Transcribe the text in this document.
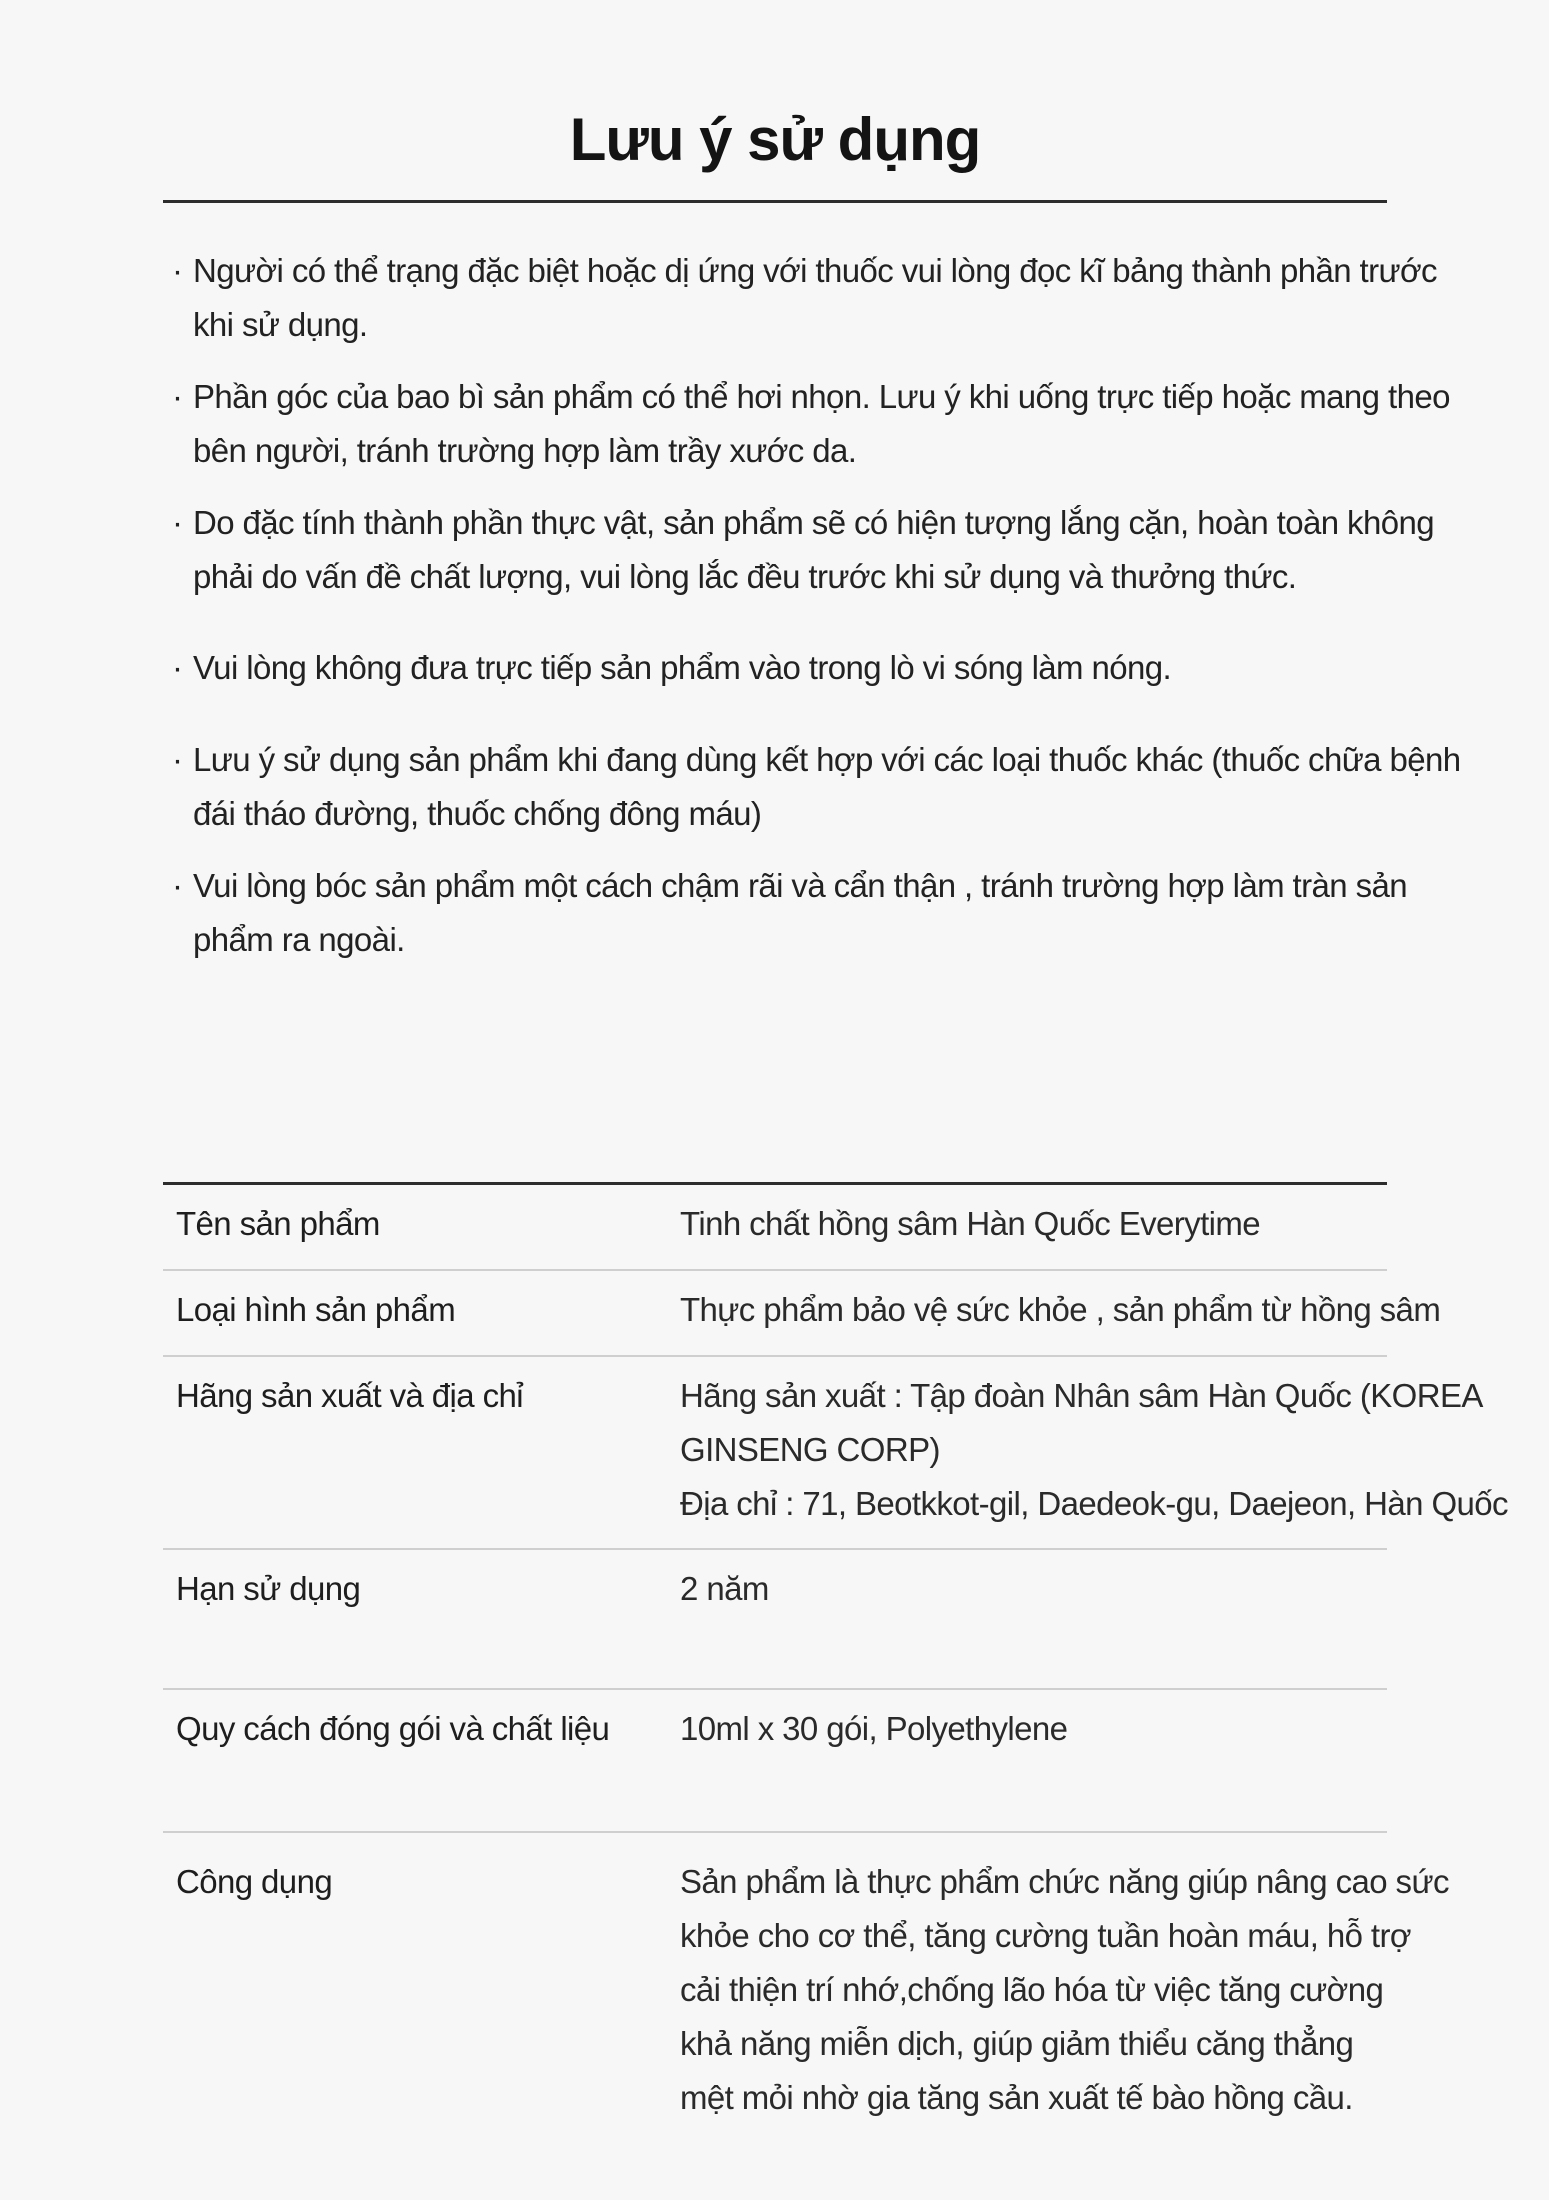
Lưu ý sử dụng
· Người có thể trạng đặc biệt hoặc dị ứng với thuốc vui lòng đọc kĩ bảng thành phần trước
khi sử dụng.
· Phần góc của bao bì sản phẩm có thể hơi nhọn. Lưu ý khi uống trực tiếp hoặc mang theo
bên người, tránh trường hợp làm trầy xước da.
· Do đặc tính thành phần thực vật, sản phẩm sẽ có hiện tượng lắng cặn, hoàn toàn không
phải do vấn đề chất lượng, vui lòng lắc đều trước khi sử dụng và thưởng thức.
· Vui lòng không đưa trực tiếp sản phẩm vào trong lò vi sóng làm nóng.
· Lưu ý sử dụng sản phẩm khi đang dùng kết hợp với các loại thuốc khác (thuốc chữa bệnh
đái tháo đường, thuốc chống đông máu)
· Vui lòng bóc sản phẩm một cách chậm rãi và cẩn thận , tránh trường hợp làm tràn sản
phẩm ra ngoài.
Tên sản phẩm	Tinh chất hồng sâm Hàn Quốc Everytime
Loại hình sản phẩm	Thực phẩm bảo vệ sức khỏe , sản phẩm từ hồng sâm
Hãng sản xuất và địa chỉ	Hãng sản xuất : Tập đoàn Nhân sâm Hàn Quốc (KOREA
GINSENG CORP)
Địa chỉ : 71, Beotkkot-gil, Daedeok-gu, Daejeon, Hàn Quốc
Hạn sử dụng	2 năm
Quy cách đóng gói và chất liệu 10ml x 30 gói, Polyethylene
Công dụng	Sản phẩm là thực phẩm chức năng giúp nâng cao sức
khỏe cho cơ thể, tăng cường tuần hoàn máu, hỗ trợ
cải thiện trí nhớ,chống lão hóa từ việc tăng cường
khả năng miễn dịch, giúp giảm thiểu căng thẳng
mệt mỏi nhờ gia tăng sản xuất tế bào hồng cầu.
